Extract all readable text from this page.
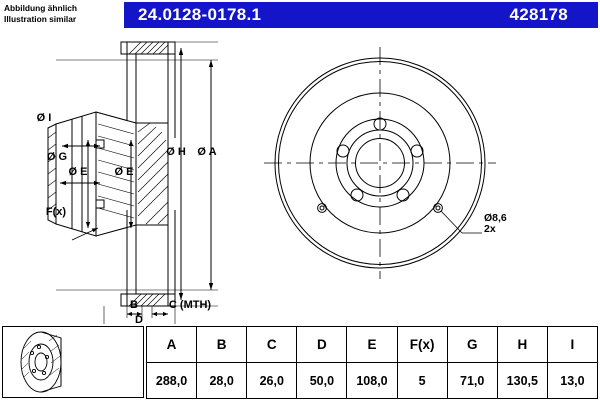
24.0128-0178.1	428178
Abbildung ähnlich
Illustration similar
Ø I
Ø G
Ø E Ø E
Ø H Ø A
F(x)
B	C (MTH)
D
Ø8,6
2x
A	B	C	D	E	F(x)	G	H	I
288,0	28,0	26,0	50,0	108,0	5	71,0	130,5	13,0
